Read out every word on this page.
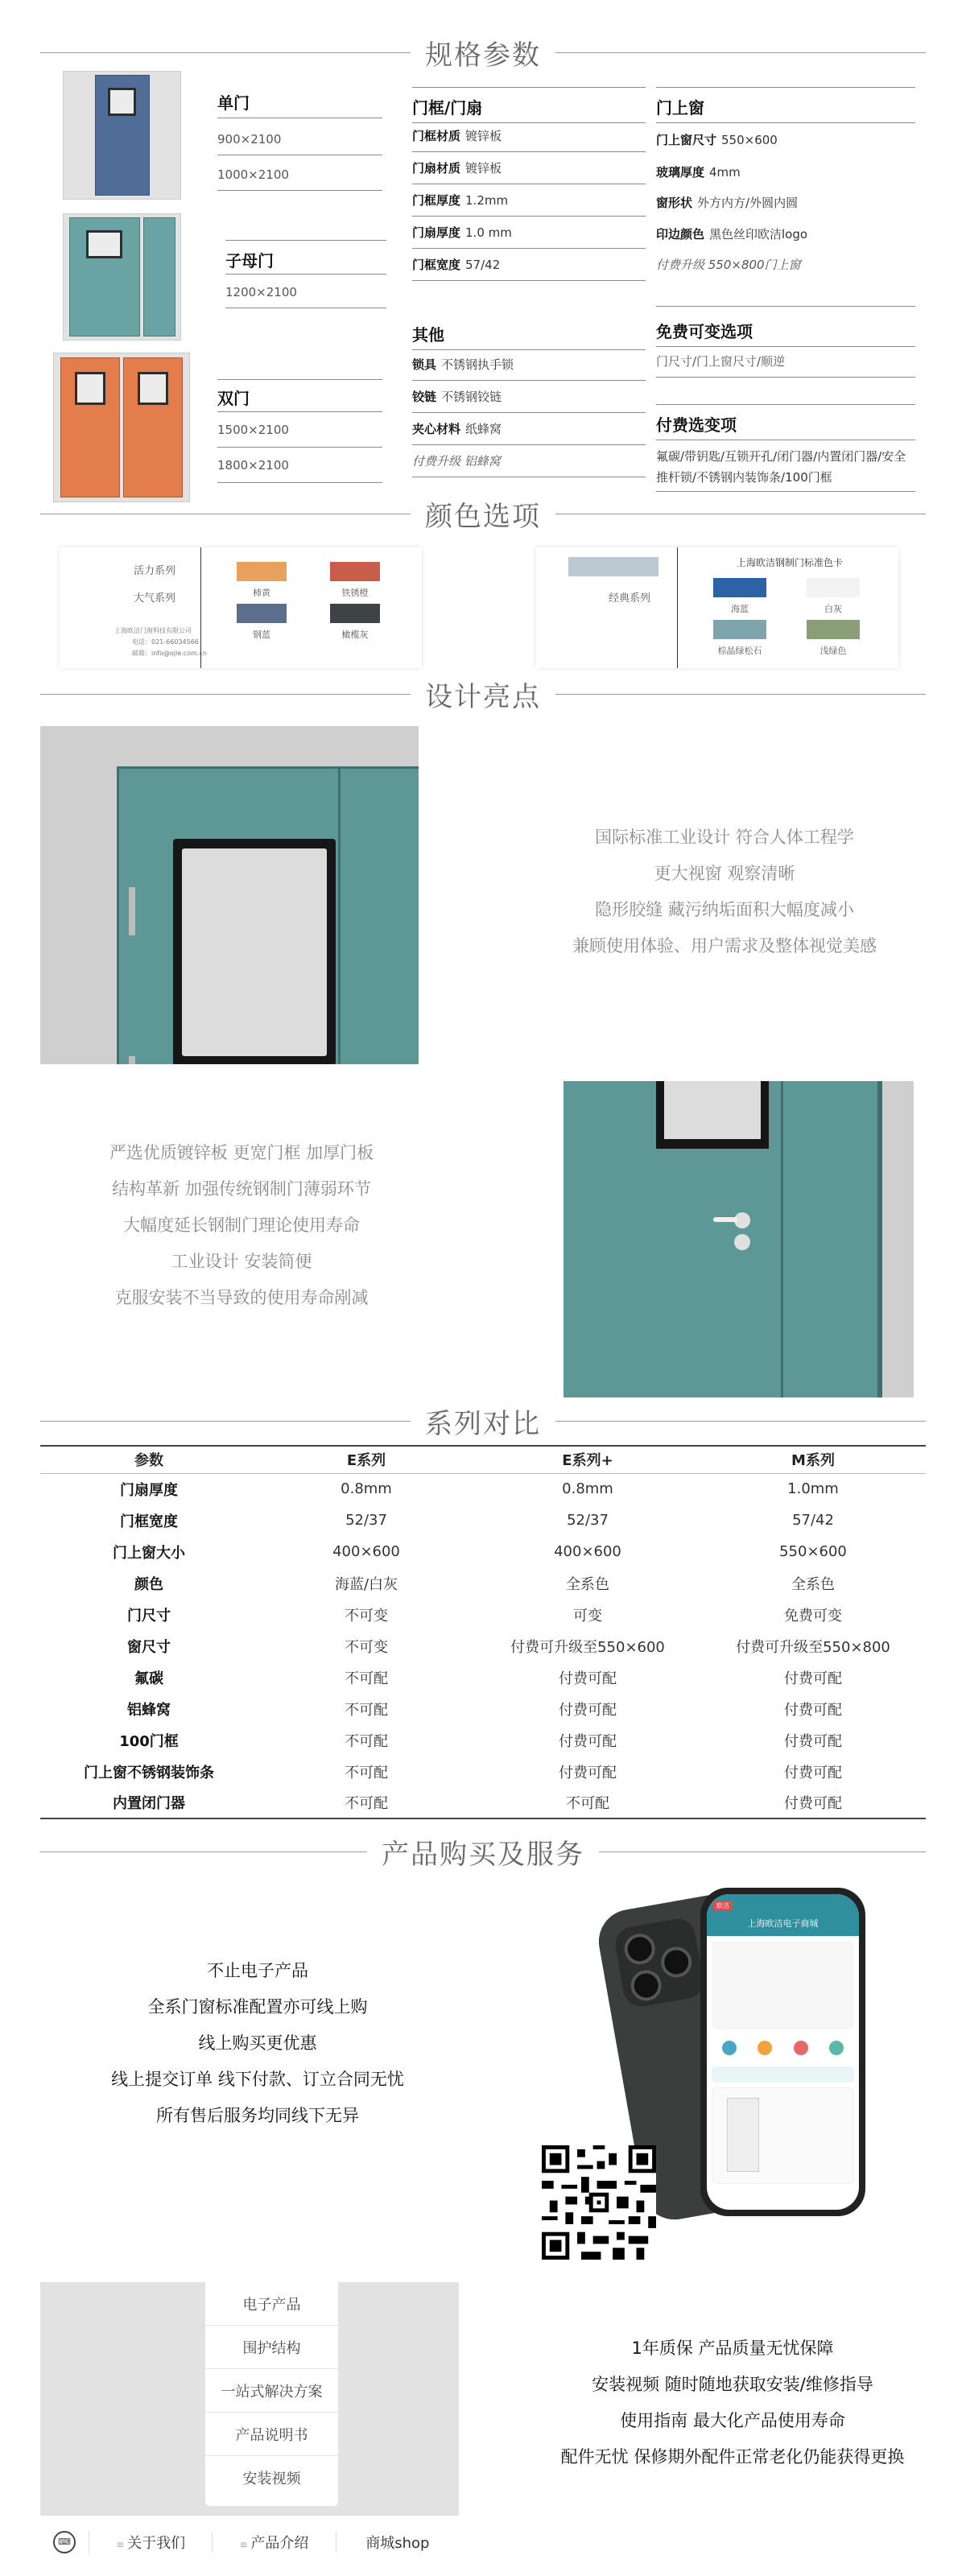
规格参数
单门
900×2100
1000×2100
子母门
1200×2100
双门
1500×2100
1800×2100
门框/门扇
门框材质 镀锌板
门扇材质 镀锌板
门框厚度 1.2mm
门扇厚度 1.0 mm
门框宽度 57/42
其他
锁具 不锈钢执手锁
铰链 不锈钢铰链
夹心材料 纸蜂窝
付费升级 铝蜂窝
门上窗
门上窗尺寸 550×600
玻璃厚度 4mm
窗形状 外方内方/外圆内圆
印边颜色 黑色丝印欧洁logo
付费升级 550×800门上窗
免费可变选项
门尺寸/门上窗尺寸/顺逆
付费选变项
氟碳/带钥匙/互锁开孔/闭门器/内置闭门器/安全推杆锁/不锈钢内装饰条/100门框
颜色选项
活力系列
大气系列
上海欧洁门窗科技有限公司
电话：021-66034566
邮箱：info@ojie.com.cn
柿黄	铁锈橙
钢蓝	橄榄灰
经典系列
上海欧洁钢制门标准色卡
海蓝	白灰
棕晶绿松石	浅绿色
设计亮点
国际标准工业设计 符合人体工程学
更大视窗 观察清晰
隐形胶缝 藏污纳垢面积大幅度减小
兼顾使用体验、用户需求及整体视觉美感
严选优质镀锌板 更宽门框 加厚门板
结构革新 加强传统钢制门薄弱环节
大幅度延长钢制门理论使用寿命
工业设计 安装简便
克服安装不当导致的使用寿命剐减
系列对比
参数	E系列	E系列+	M系列
门扇厚度	0.8mm	0.8mm	1.0mm
门框宽度	52/37	52/37	57/42
门上窗大小	400×600	400×600	550×600
颜色	海蓝/白灰	全系色	全系色
门尺寸	不可变	可变	免费可变
窗尺寸	不可变	付费可升级至550×600	付费可升级至550×800
氟碳	不可配	付费可配	付费可配
铝蜂窝	不可配	付费可配	付费可配
100门框	不可配	付费可配	付费可配
门上窗不锈钢装饰条	不可配	付费可配	付费可配
内置闭门器	不可配	不可配	付费可配
产品购买及服务
不止电子产品
全系门窗标准配置亦可线上购
线上购买更优惠
线上提交订单 线下付款、订立合同无忧
所有售后服务均同线下无异
上海欧洁电子商城
欧洁
电子产品
围护结构
一站式解决方案
产品说明书
安装视频
⌨	≡ 关于我们	≡ 产品介绍	商城shop
1年质保 产品质量无忧保障
安装视频 随时随地获取安装/维修指导
使用指南 最大化产品使用寿命
配件无忧 保修期外配件正常老化仍能获得更换
